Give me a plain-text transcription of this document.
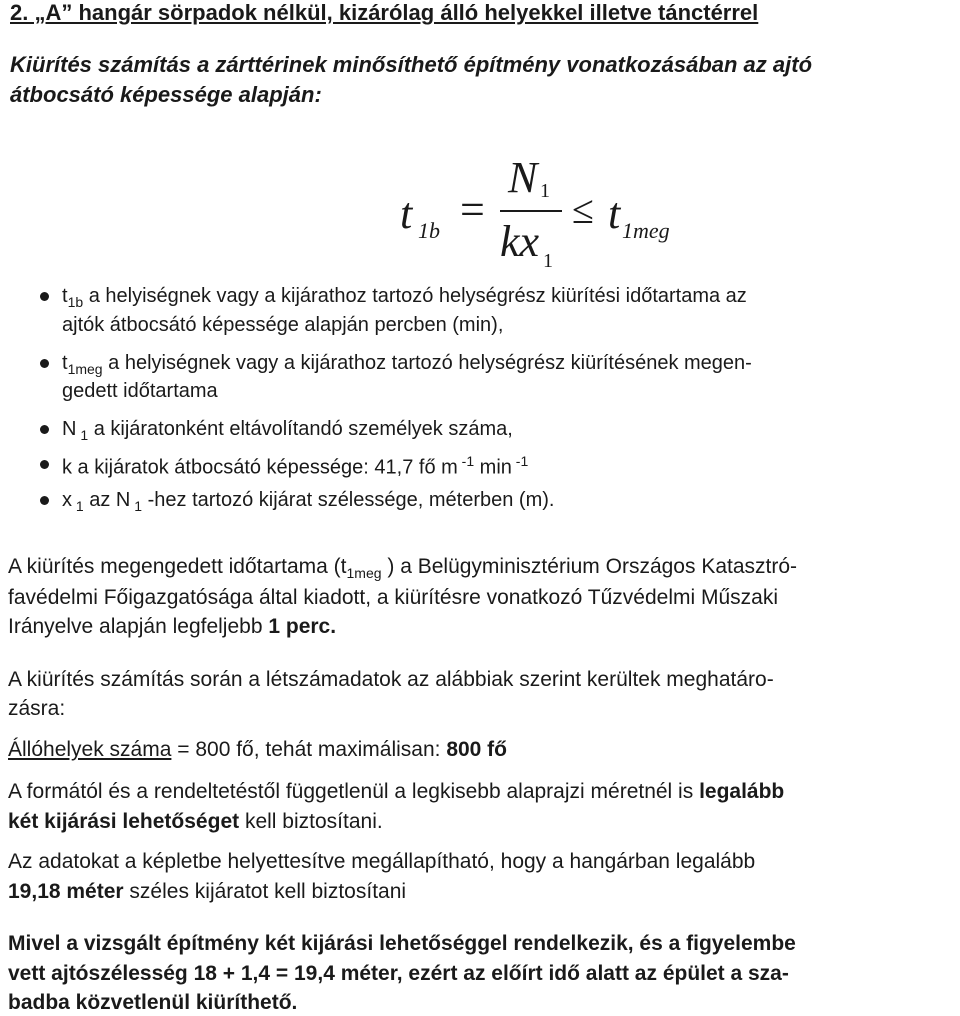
2. „A” hangár sörpadok nélkül, kizárólag álló helyekkel illetve tánctérrel
Kiürítés számítás a zárttérinek minősíthető építmény vonatkozásában az ajtó
átbocsátó képessége alapján:
t 1b =
N 1
kx 1
≤ t 1meg
$t_{1b}$ a helyiségnek vagy a kijárathoz tartozó helységrész kiürítési időtartama az
ajtók átbocsátó képessége alapján percben (min),
$t_{1meg}$ a helyiségnek vagy a kijárathoz tartozó helységrész kiürítésének megen-
gedett időtartama
N $_1$ a kijáratonként eltávolítandó személyek száma,
k a kijáratok átbocsátó képessége: 41,7 fő m $^{-1}$ min $^{-1}$
x $_1$ az N $_1$ -hez tartozó kijárat szélessége, méterben (m).
A kiürítés megengedett időtartama ($t_{1meg}$ ) a Belügyminisztérium Országos Katasztró-
favédelmi Főigazgatósága által kiadott, a kiürítésre vonatkozó Tűzvédelmi Műszaki
Irányelve alapján legfeljebb 1 perc.
A kiürítés számítás során a létszámadatok az alábbiak szerint kerültek meghatáro-
zásra:
Állóhelyek száma = 800 fő, tehát maximálisan: 800 fő
A formától és a rendeltetéstől függetlenül a legkisebb alaprajzi méretnél is legalább
két kijárási lehetőséget kell biztosítani.
Az adatokat a képletbe helyettesítve megállapítható, hogy a hangárban legalább
19,18 méter széles kijáratot kell biztosítani
Mivel a vizsgált építmény két kijárási lehetőséggel rendelkezik, és a figyelembe
vett ajtószélesség 18 + 1,4 = 19,4 méter, ezért az előírt idő alatt az épület a sza-
badba közvetlenül kiüríthető.
